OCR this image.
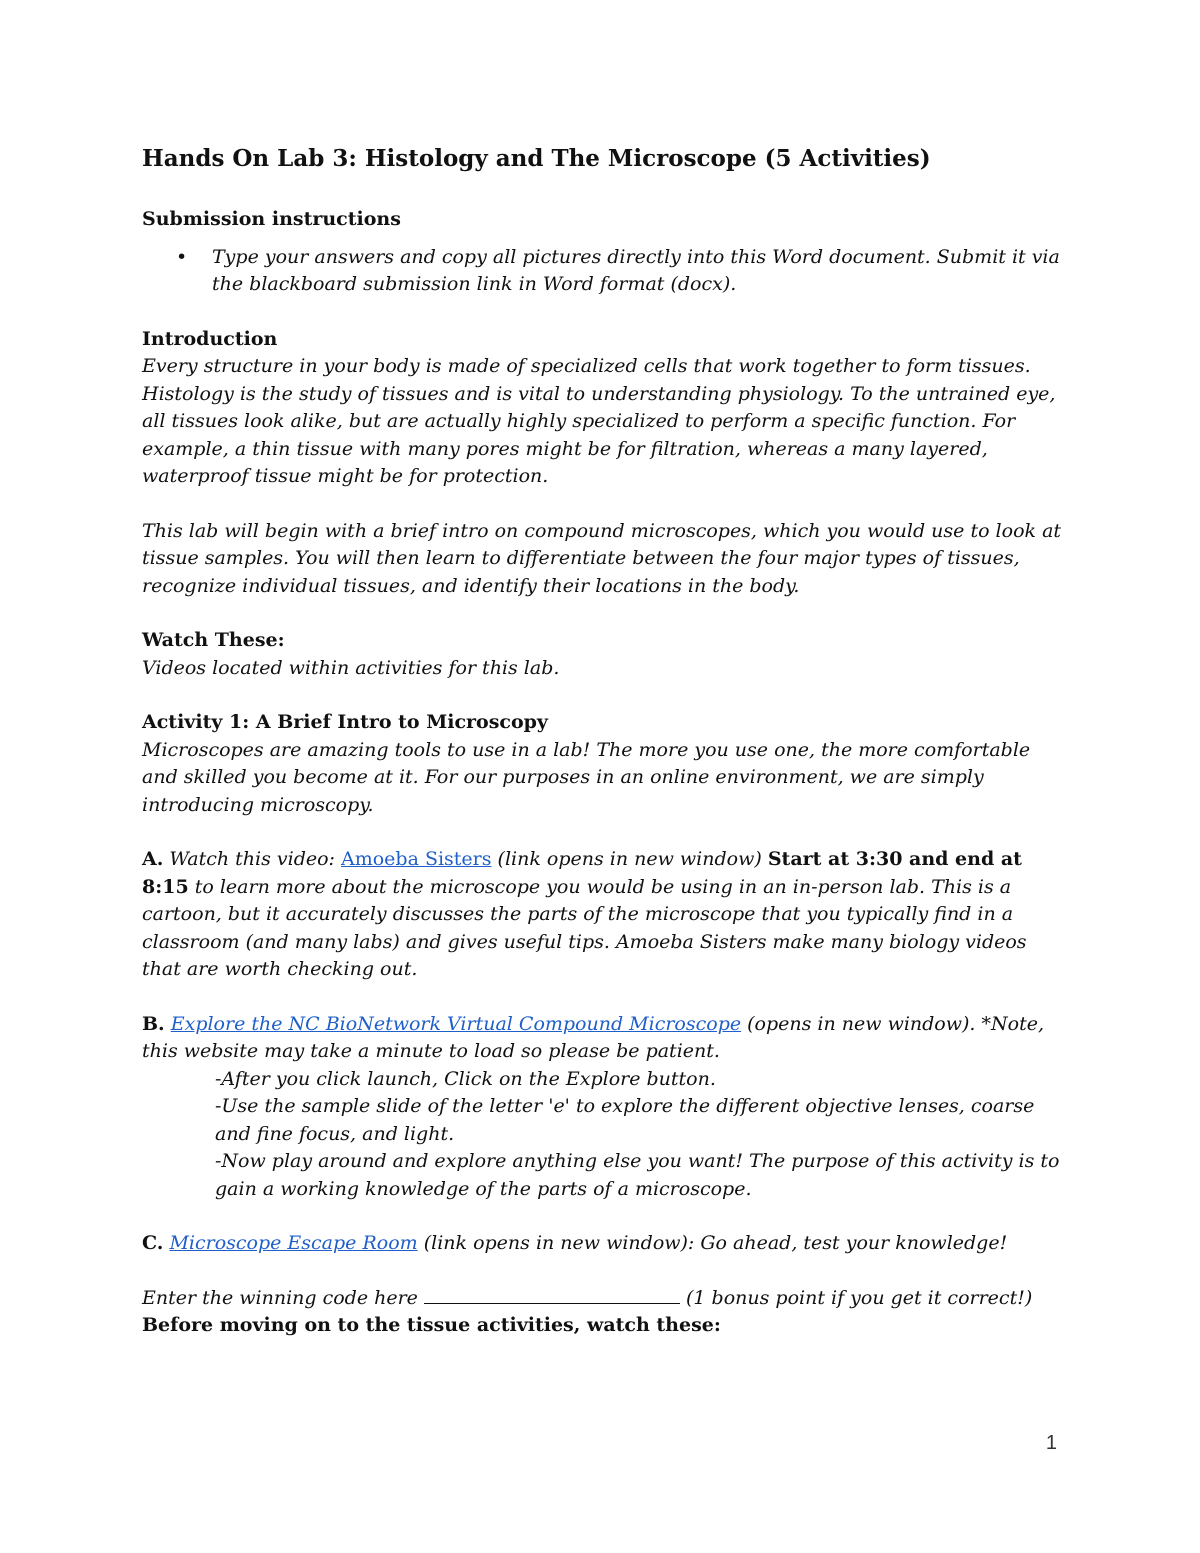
Hands On Lab 3: Histology and The Microscope (5 Activities)

Submission instructions

• Type your answers and copy all pictures directly into this Word document. Submit it via the blackboard submission link in Word format (docx).

Introduction

Every structure in your body is made of specialized cells that work together to form tissues. Histology is the study of tissues and is vital to understanding physiology. To the untrained eye, all tissues look alike, but are actually highly specialized to perform a specific function. For example, a thin tissue with many pores might be for filtration, whereas a many layered, waterproof tissue might be for protection.

This lab will begin with a brief intro on compound microscopes, which you would use to look at tissue samples. You will then learn to differentiate between the four major types of tissues, recognize individual tissues, and identify their locations in the body.

Watch These:

Videos located within activities for this lab.

Activity 1: A Brief Intro to Microscopy

Microscopes are amazing tools to use in a lab! The more you use one, the more comfortable and skilled you become at it. For our purposes in an online environment, we are simply introducing microscopy.

A. Watch this video: Amoeba Sisters (link opens in new window) Start at 3:30 and end at 8:15 to learn more about the microscope you would be using in an in-person lab. This is a cartoon, but it accurately discusses the parts of the microscope that you typically find in a classroom (and many labs) and gives useful tips. Amoeba Sisters make many biology videos that are worth checking out.

B. Explore the NC BioNetwork Virtual Compound Microscope (opens in new window). *Note, this website may take a minute to load so please be patient.

-After you click launch, Click on the Explore button.

-Use the sample slide of the letter 'e' to explore the different objective lenses, coarse and fine focus, and light.

-Now play around and explore anything else you want! The purpose of this activity is to gain a working knowledge of the parts of a microscope.

C. Microscope Escape Room (link opens in new window): Go ahead, test your knowledge!

Enter the winning code here	(1 bonus point if you get it correct!)

Before moving on to the tissue activities, watch these:

1
